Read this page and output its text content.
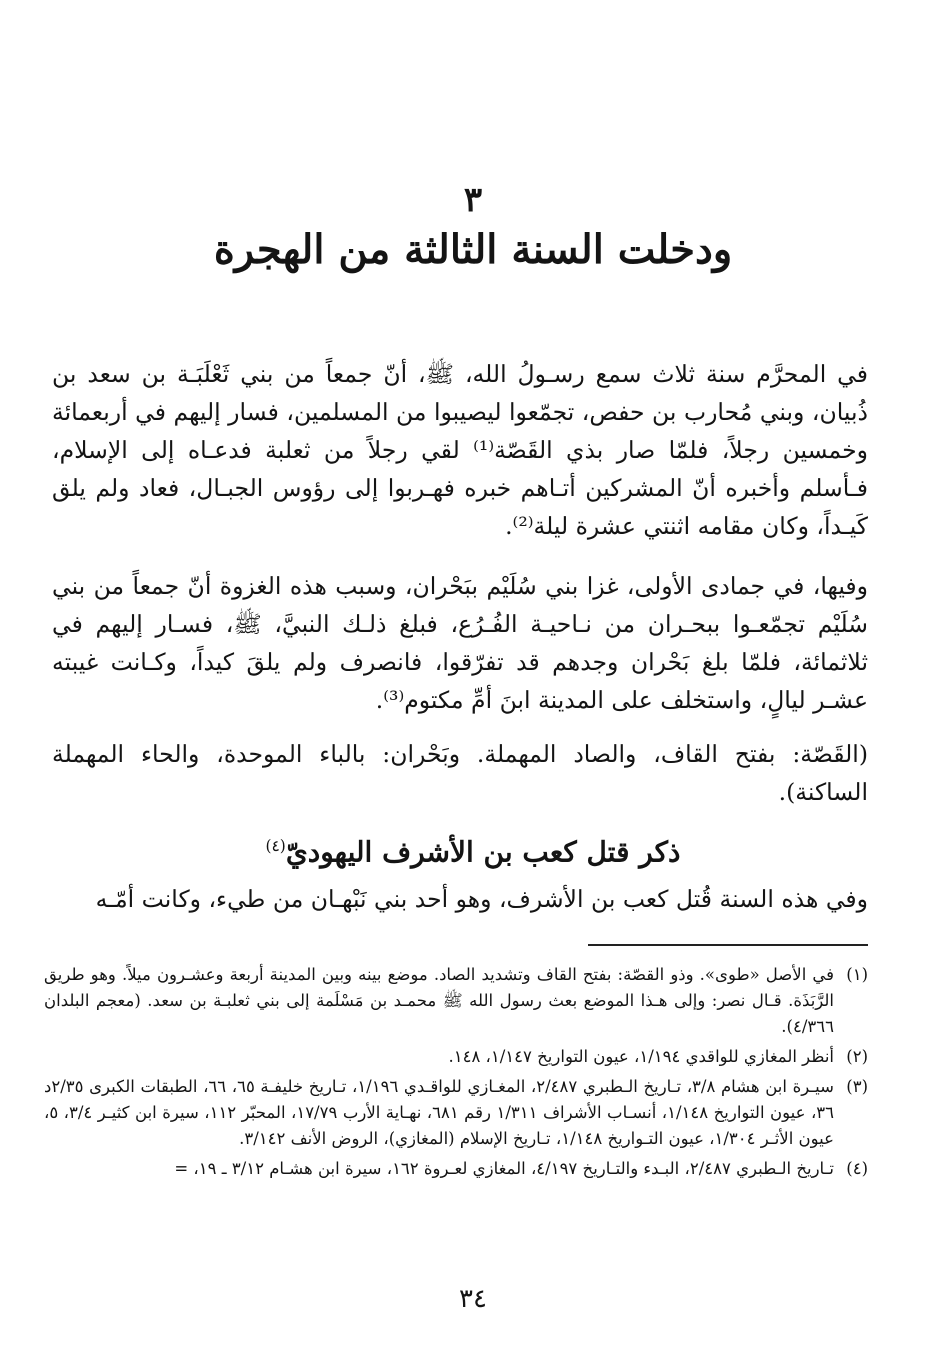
٣
ودخلت السنة الثالثة من الهجرة

في المحرَّم سنة ثلاث سمع رسـولُ الله، ﷺ، أنّ جمعاً من بني ثَعْلَبَـة بن سعد بن ذُبيان، وبني مُحارب بن حفص، تجمّعوا ليصيبوا من المسلمين، فسار إليهم في أربعمائة وخمسين رجلاً، فلمّا صار بذي القَصّة⁽¹⁾ لقي رجلاً من ثعلبة فدعـاه إلى الإسلام، فـأسلم وأخبره أنّ المشركين أتـاهم خبره فهـربوا إلى رؤوس الجبـال، فعاد ولم يلق كَيـداً، وكان مقامه اثنتي عشرة ليلة⁽²⁾.

وفيها، في جمادى الأولى، غزا بني سُلَيْم ببَحْران، وسبب هذه الغزوة أنّ جمعاً من بني سُلَيْم تجمّعـوا ببحـران من نـاحيـة الفُـرُع، فبلغ ذلـك النبيَّ، ﷺ، فسـار إليهم في ثلاثمائة، فلمّا بلغ بَحْران وجدهم قد تفرّقوا، فانصرف ولم يلقَ كيداً، وكـانت غيبته عشـر ليالٍ، واستخلف على المدينة ابنَ أمِّ مكتوم⁽³⁾.

(القَصّة: بفتح القاف، والصاد المهملة. وبَحْران: بالباء الموحدة، والحاء المهملة الساكنة).

ذكر قتل كعب بن الأشرف اليهوديّ$^{(٤)}$

وفي هذه السنة قُتل كعب بن الأشرف، وهو أحد بني نَبْهـان من طيء، وكانت أمّـه

(١)
في الأصل «طوى». وذو القصّة: بفتح القاف وتشديد الصاد. موضع بينه وبين المدينة أربعة وعشـرون ميلاً. وهو طريق الرَّبَذَة. قـال نصر: وإلى هـذا الموضع بعث رسول الله ﷺ محمـد بن مَسْلَمة إلى بني ثعلبـة بن سعد. (معجم البلدان ٤/٣٦٦).
(٢)
أنظر المغازي للواقدي ١/١٩٤، عيون التواريخ ١/١٤٧، ١٤٨.
(٣)
سيـرة ابن هشام ٣/٨، تـاريخ الـطبري ٢/٤٨٧، المغـازي للواقـدي ١/١٩٦، تـاريخ خليفـة ٦٥، ٦٦، الطبقات الكبرى ٢/٣٥د ٣٦، عيون التواريخ ١/١٤٨، أنسـاب الأشراف ١/٣١١ رقم ٦٨١، نهـاية الأرب ١٧/٧٩، المحبّر ١١٢، سيرة ابن كثيـر ٣/٤، ٥، عيون الأثـر ١/٣٠٤، عيون التـواريخ ١/١٤٨، تـاريخ الإسلام (المغازي)، الروض الأنف ٣/١٤٢.
(٤)
تـاريخ الـطبري ٢/٤٨٧، البـدء والتـاريخ ٤/١٩٧، المغازي لعـروة ١٦٢، سيرة ابن هشـام ٣/١٢ ـ ١٩، =
٣٤
